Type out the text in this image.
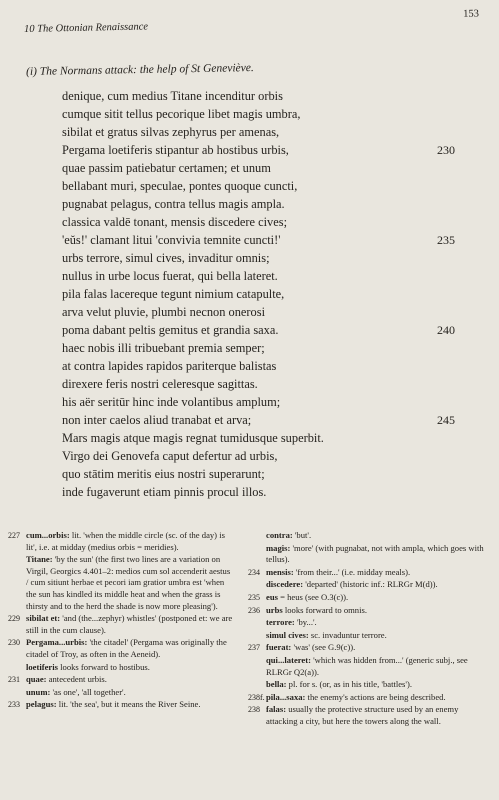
10 The Ottonian Renaissance
153
(i) The Normans attack: the help of St Geneviève.
denique, cum medius Titane incenditur orbis
cumque sitit tellus pecorique libet magis umbra,
sibilat et gratus silvas zephyrus per amenas,
Pergama loetiferis stipantur ab hostibus urbis,	230
quae passim patiebatur certamen; et unum
bellabant muri, speculae, pontes quoque cuncti,
pugnabat pelagus, contra tellus magis ampla.
classica valdē tonant, mensis discedere cives;
'eŭs!' clamant litui 'convivia temnite cuncti!'	235
urbs terrore, simul cives, invaditur omnis;
nullus in urbe locus fuerat, qui bella lateret.
pila falas lacereque tegunt nimium catapulte,
arva velut pluvie, plumbi necnon onerosi
poma dabant peltis gemitus et grandia saxa.	240
haec nobis illi tribuebant premia semper;
at contra lapides rapidos pariterque balistas
direxere feris nostri celeresque sagittas.
his aër seritūr hinc inde volantibus amplum;
non inter caelos aliud tranabat et arva;	245
Mars magis atque magis regnat tumidusque superbit.
Virgo dei Genovefa caput defertur ad urbis,
quo stātim meritis eius nostri superarunt;
inde fugaverunt etiam pinnis procul illos.
227 cum...orbis: lit. 'when the middle circle (sc. of the day) is lit', i.e. at midday (medius orbis = meridies).
Titane: 'by the sun' (the first two lines are a variation on Virgil, Georgics 4.401–2: medios cum sol accenderit aestus / cum sitiunt herbae et pecori iam gratior umbra est 'when the sun has kindled its middle heat and when the grass is thirsty and to the herd the shade is now more pleasing').
229 sibilat et: 'and (the...zephyr) whistles' (postponed et: we are still in the cum clause).
230 Pergama...urbis: 'the citadel' (Pergama was originally the citadel of Troy, as often in the Aeneid).
loetiferis looks forward to hostibus.
231 quae: antecedent urbis.
unum: 'as one', 'all together'.
233 pelagus: lit. 'the sea', but it means the River Seine.
contra: 'but'.
magis: 'more' (with pugnabat, not with ampla, which goes with tellus).
234 mensis: 'from their...' (i.e. midday meals).
discedere: 'departed' (historic inf.: RLRGr M(d)).
235 eus = heus (see O.3(c)).
236 urbs looks forward to omnis.
terrore: 'by...'.
simul cives: sc. invaduntur terrore.
237 fuerat: 'was' (see G.9(c)).
qui...lateret: 'which was hidden from...' (generic subj., see RLRGr Q2(a)).
bella: pl. for s. (or, as in his title, 'battles').
238f. pila...saxa: the enemy's actions are being described.
238 falas: usually the protective structure used by an enemy attacking a city, but here the towers along the wall.
